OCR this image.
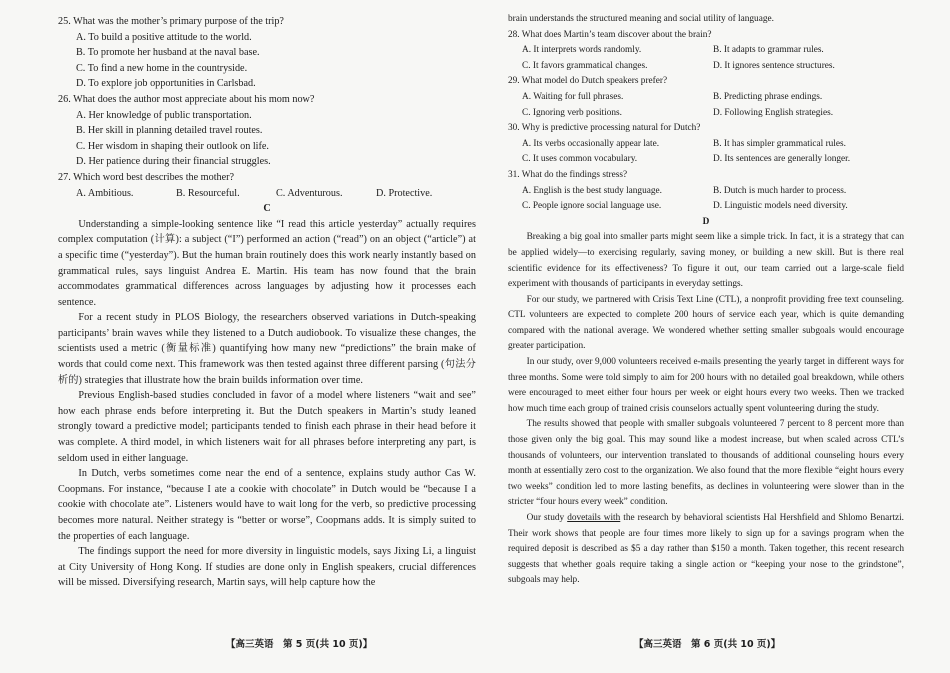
25. What was the mother’s primary purpose of the trip?

A. To build a positive attitude to the world.

B. To promote her husband at the naval base.

C. To find a new home in the countryside.

D. To explore job opportunities in Carlsbad.

26. What does the author most appreciate about his mom now?

A. Her knowledge of public transportation.

B. Her skill in planning detailed travel routes.

C. Her wisdom in shaping their outlook on life.

D. Her patience during their financial struggles.

27. Which word best describes the mother?

A. Ambitious.	B. Resourceful.	C. Adventurous.	D. Protective.

C

Understanding a simple-looking sentence like “I read this article yesterday” actually requires complex computation (计算): a subject (“I”) performed an action (“read”) on an object (“article”) at a specific time (“yesterday”). But the human brain routinely does this work nearly instantly based on grammatical rules, says linguist Andrea E. Martin. His team has now found that the brain accommodates grammatical differences across languages by adjusting how it processes each sentence.

For a recent study in PLOS Biology, the researchers observed variations in Dutch-speaking participants’ brain waves while they listened to a Dutch audiobook. To visualize these changes, the scientists used a metric (衡量标准) quantifying how many new “predictions” the brain make of words that could come next. This framework was then tested against three different parsing (句法分析的) strategies that illustrate how the brain builds information over time.

Previous English-based studies concluded in favor of a model where listeners “wait and see” how each phrase ends before interpreting it. But the Dutch speakers in Martin’s study leaned strongly toward a predictive model; participants tended to finish each phrase in their head before it was complete. A third model, in which listeners wait for all phrases before interpreting any part, is seldom used in either language.

In Dutch, verbs sometimes come near the end of a sentence, explains study author Cas W. Coopmans. For instance, “because I ate a cookie with chocolate” in Dutch would be “because I a cookie with chocolate ate”. Listeners would have to wait long for the verb, so predictive processing becomes more natural. Neither strategy is “better or worse”, Coopmans adds. It is simply suited to the properties of each language.

The findings support the need for more diversity in linguistic models, says Jixing Li, a linguist at City University of Hong Kong. If studies are done only in English speakers, crucial differences will be missed. Diversifying research, Martin says, will help capture how the

brain understands the structured meaning and social utility of language.

28. What does Martin’s team discover about the brain?

A. It interprets words randomly.	B. It adapts to grammar rules.
C. It favors grammatical changes.	D. It ignores sentence structures.

29. What model do Dutch speakers prefer?

A. Waiting for full phrases.	B. Predicting phrase endings.
C. Ignoring verb positions.	D. Following English strategies.

30. Why is predictive processing natural for Dutch?

A. Its verbs occasionally appear late.	B. It has simpler grammatical rules.
C. It uses common vocabulary.	D. Its sentences are generally longer.

31. What do the findings stress?

A. English is the best study language.	B. Dutch is much harder to process.
C. People ignore social language use.	D. Linguistic models need diversity.

D

Breaking a big goal into smaller parts might seem like a simple trick. In fact, it is a strategy that can be applied widely—to exercising regularly, saving money, or building a new skill. But is there real scientific evidence for its effectiveness? To figure it out, our team carried out a large-scale field experiment with thousands of participants in everyday settings.

For our study, we partnered with Crisis Text Line (CTL), a nonprofit providing free text counseling. CTL volunteers are expected to complete 200 hours of service each year, which is quite demanding compared with the national average. We wondered whether setting smaller subgoals would encourage greater participation.

In our study, over 9,000 volunteers received e-mails presenting the yearly target in different ways for three months. Some were told simply to aim for 200 hours with no detailed goal breakdown, while others were encouraged to meet either four hours per week or eight hours every two weeks. Then we tracked how much time each group of trained crisis counselors actually spent volunteering during the study.

The results showed that people with smaller subgoals volunteered 7 percent to 8 percent more than those given only the big goal. This may sound like a modest increase, but when scaled across CTL’s thousands of volunteers, our intervention translated to thousands of additional counseling hours every month at essentially zero cost to the organization. We also found that the more flexible “eight hours every two weeks” condition led to more lasting benefits, as declines in volunteering were slower than in the stricter “four hours every week” condition.

Our study dovetails with the research by behavioral scientists Hal Hershfield and Shlomo Benartzi. Their work shows that people are four times more likely to sign up for a savings program when the required deposit is described as $5 a day rather than $150 a month. Taken together, this recent research suggests that whether goals require taking a single action or “keeping your nose to the grindstone”, subgoals may help.

【高三英语　第 5 页(共 10 页)】	【高三英语　第 6 页(共 10 页)】
